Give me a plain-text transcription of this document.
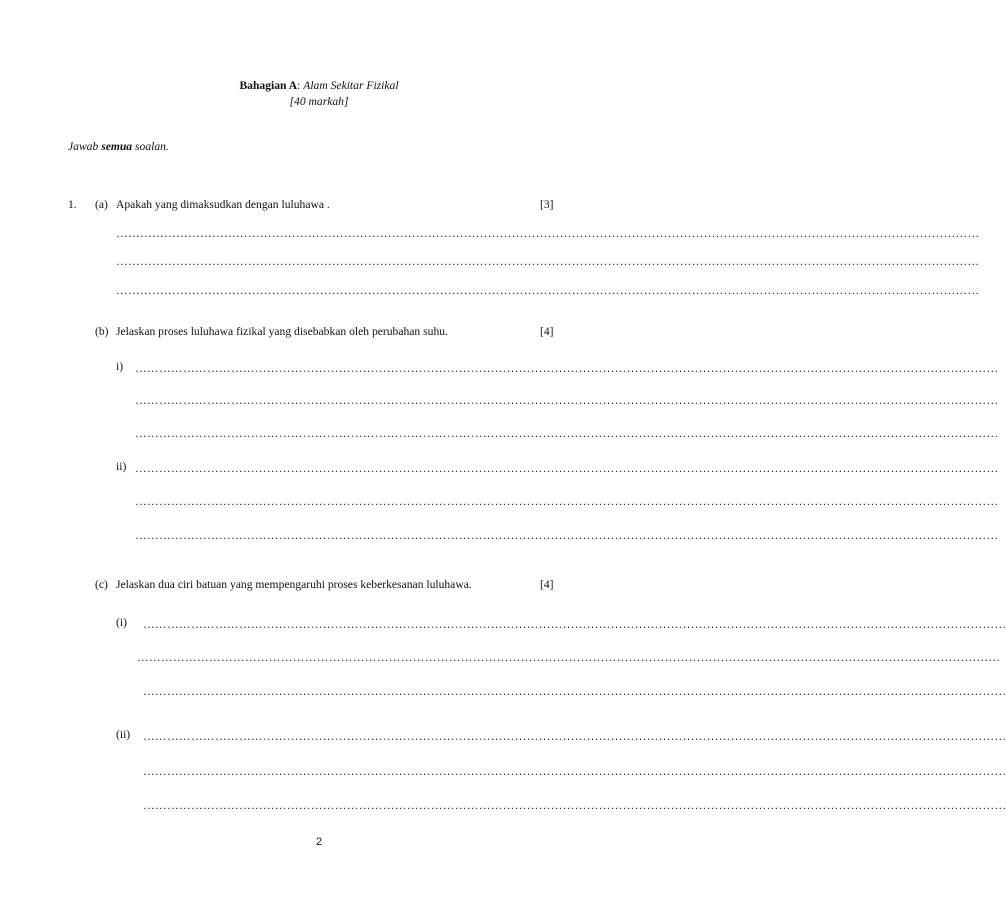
Bahagian A: Alam Sekitar Fizikal
[40 markah]
Jawab semua soalan.
1. (a) Apakah yang dimaksudkan dengan luluhawa .	[3]
………………………………………………………………………………………………………………………………………………………………………………………………
………………………………………………………………………………………………………………………………………………………………………………………………
………………………………………………………………………………………………………………………………………………………………………………………………
(b) Jelaskan proses luluhawa fizikal yang disebabkan oleh perubahan suhu.	[4]
i) ………………………………………………………………………………………………………………………………………………………………………………………………
………………………………………………………………………………………………………………………………………………………………………………………………
………………………………………………………………………………………………………………………………………………………………………………………………
ii) ………………………………………………………………………………………………………………………………………………………………………………………………
………………………………………………………………………………………………………………………………………………………………………………………………
………………………………………………………………………………………………………………………………………………………………………………………………
(c) Jelaskan dua ciri batuan yang mempengaruhi proses keberkesanan luluhawa.	[4]
(i) ………………………………………………………………………………………………………………………………………………………………………………………………
………………………………………………………………………………………………………………………………………………………………………………………………
………………………………………………………………………………………………………………………………………………………………………………………………
(ii) ………………………………………………………………………………………………………………………………………………………………………………………………
………………………………………………………………………………………………………………………………………………………………………………………………
………………………………………………………………………………………………………………………………………………………………………………………………
2
